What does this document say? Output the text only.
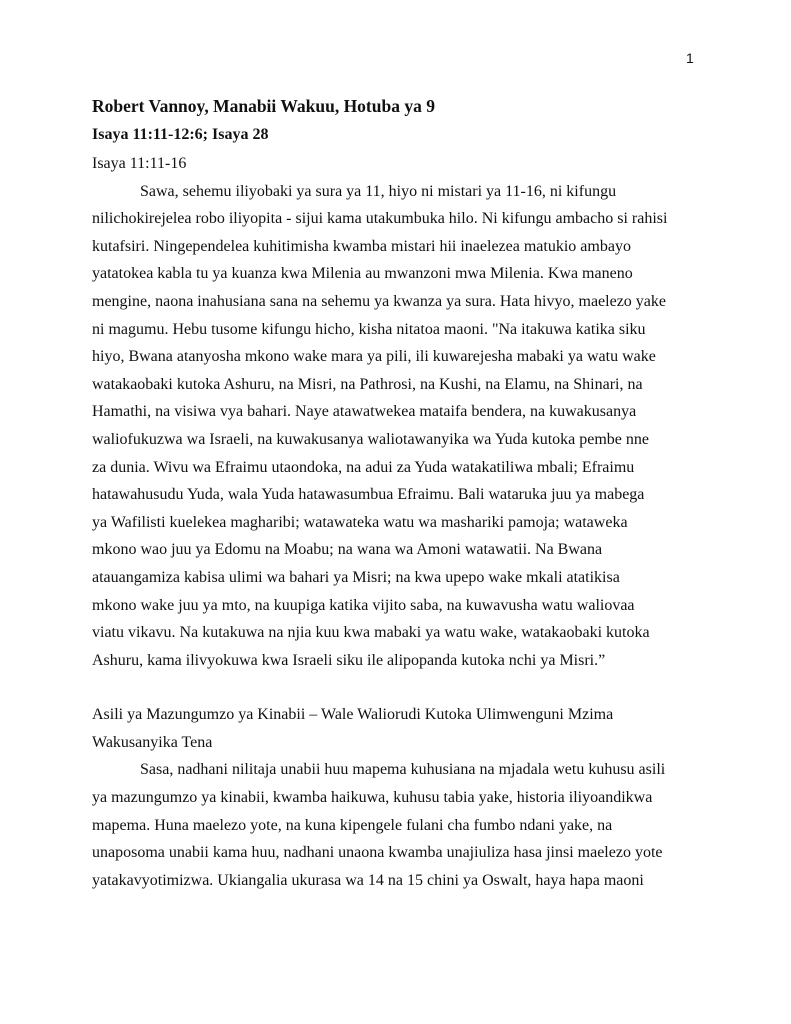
1
Robert Vannoy, Manabii Wakuu, Hotuba ya 9
Isaya 11:11-12:6; Isaya 28
Isaya 11:11-16
Sawa, sehemu iliyobaki ya sura ya 11, hiyo ni mistari ya 11-16, ni kifungu
nilichokirejelea robo iliyopita - sijui kama utakumbuka hilo. Ni kifungu ambacho si rahisi
kutafsiri. Ningependelea kuhitimisha kwamba mistari hii inaelezea matukio ambayo
yatatokea kabla tu ya kuanza kwa Milenia au mwanzoni mwa Milenia. Kwa maneno
mengine, naona inahusiana sana na sehemu ya kwanza ya sura. Hata hivyo, maelezo yake
ni magumu. Hebu tusome kifungu hicho, kisha nitatoa maoni. "Na itakuwa katika siku
hiyo, Bwana atanyosha mkono wake mara ya pili, ili kuwarejesha mabaki ya watu wake
watakaobaki kutoka Ashuru, na Misri, na Pathrosi, na Kushi, na Elamu, na Shinari, na
Hamathi, na visiwa vya bahari. Naye atawatwekea mataifa bendera, na kuwakusanya
waliofukuzwa wa Israeli, na kuwakusanya waliotawanyika wa Yuda kutoka pembe nne
za dunia. Wivu wa Efraimu utaondoka, na adui za Yuda watakatiliwa mbali; Efraimu
hatawahusudu Yuda, wala Yuda hatawasumbua Efraimu. Bali wataruka juu ya mabega
ya Wafilisti kuelekea magharibi; watawateka watu wa mashariki pamoja; wataweka
mkono wao juu ya Edomu na Moabu; na wana wa Amoni watawatii. Na Bwana
atauangamiza kabisa ulimi wa bahari ya Misri; na kwa upepo wake mkali atatikisa
mkono wake juu ya mto, na kuupiga katika vijito saba, na kuwavusha watu waliovaa
viatu vikavu. Na kutakuwa na njia kuu kwa mabaki ya watu wake, watakaobaki kutoka
Ashuru, kama ilivyokuwa kwa Israeli siku ile alipopanda kutoka nchi ya Misri.”
Asili ya Mazungumzo ya Kinabii – Wale Waliorudi Kutoka Ulimwenguni Mzima
Wakusanyika Tena
Sasa, nadhani nilitaja unabii huu mapema kuhusiana na mjadala wetu kuhusu asili
ya mazungumzo ya kinabii, kwamba haikuwa, kuhusu tabia yake, historia iliyoandikwa
mapema. Huna maelezo yote, na kuna kipengele fulani cha fumbo ndani yake, na
unaposoma unabii kama huu, nadhani unaona kwamba unajiuliza hasa jinsi maelezo yote
yatakavyotimizwa. Ukiangalia ukurasa wa 14 na 15 chini ya Oswalt, haya hapa maoni
